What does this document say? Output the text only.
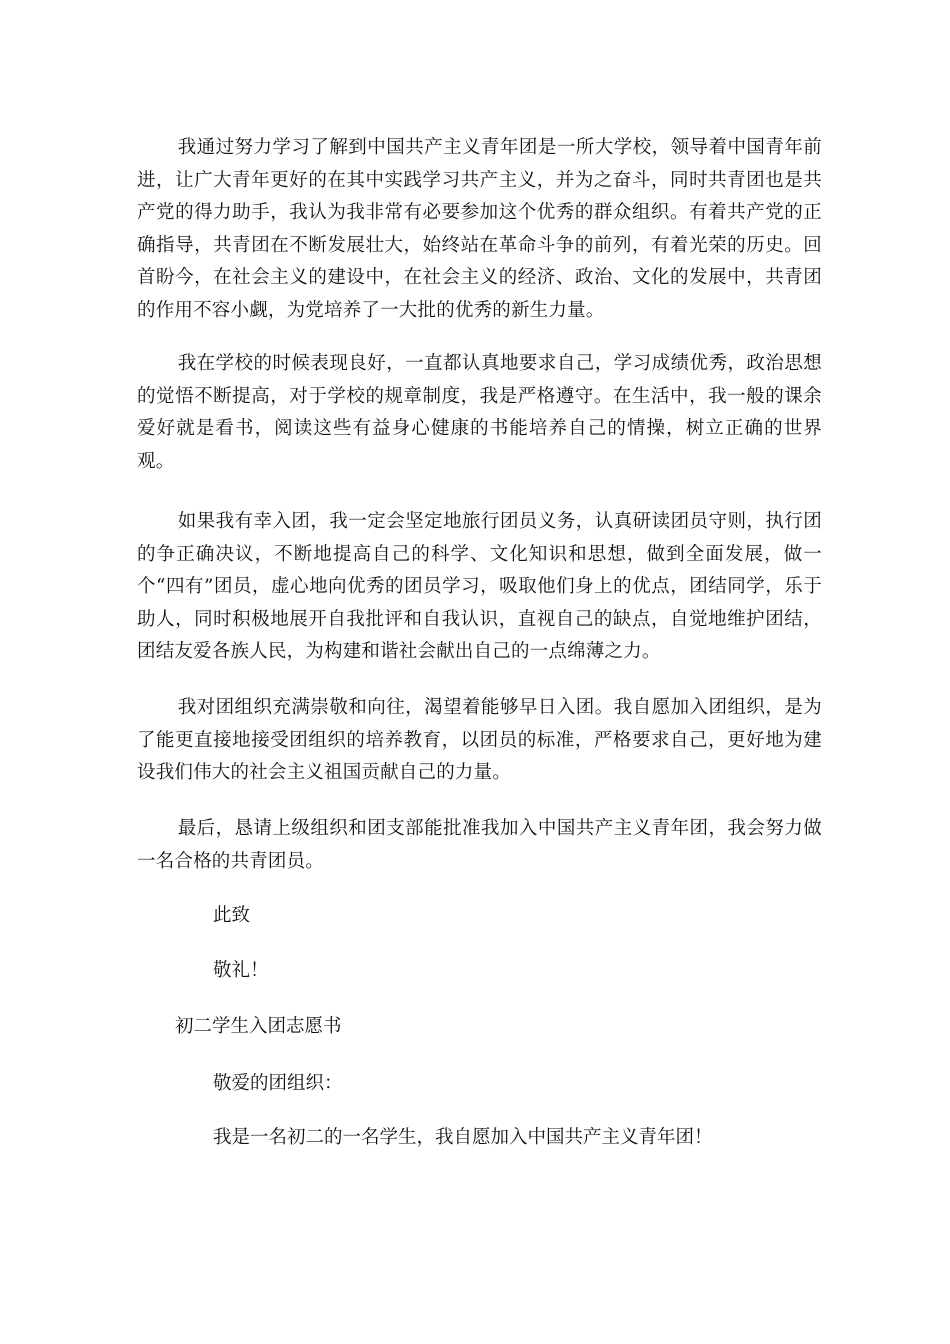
我通过努力学习了解到中国共产主义青年团是一所大学校，领导着中国青年前进，让广大青年更好的在其中实践学习共产主义，并为之奋斗，同时共青团也是共产党的得力助手，我认为我非常有必要参加这个优秀的群众组织。有着共产党的正确指导，共青团在不断发展壮大，始终站在革命斗争的前列，有着光荣的历史。回首盼今，在社会主义的建设中，在社会主义的经济、政治、文化的发展中，共青团的作用不容小觑，为党培养了一大批的优秀的新生力量。

我在学校的时候表现良好，一直都认真地要求自己，学习成绩优秀，政治思想的觉悟不断提高，对于学校的规章制度，我是严格遵守。在生活中，我一般的课余爱好就是看书，阅读这些有益身心健康的书能培养自己的情操，树立正确的世界观。

如果我有幸入团，我一定会坚定地旅行团员义务，认真研读团员守则，执行团的争正确决议，不断地提高自己的科学、文化知识和思想，做到全面发展，做一个“四有”团员，虚心地向优秀的团员学习，吸取他们身上的优点，团结同学，乐于助人，同时积极地展开自我批评和自我认识，直视自己的缺点，自觉地维护团结，团结友爱各族人民，为构建和谐社会献出自己的一点绵薄之力。

我对团组织充满崇敬和向往，渴望着能够早日入团。我自愿加入团组织，是为了能更直接地接受团组织的培养教育，以团员的标准，严格要求自己，更好地为建设我们伟大的社会主义祖国贡献自己的力量。

最后，恳请上级组织和团支部能批准我加入中国共产主义青年团，我会努力做一名合格的共青团员。

此致

敬礼！

初二学生入团志愿书

敬爱的团组织：

我是一名初二的一名学生，我自愿加入中国共产主义青年团！
